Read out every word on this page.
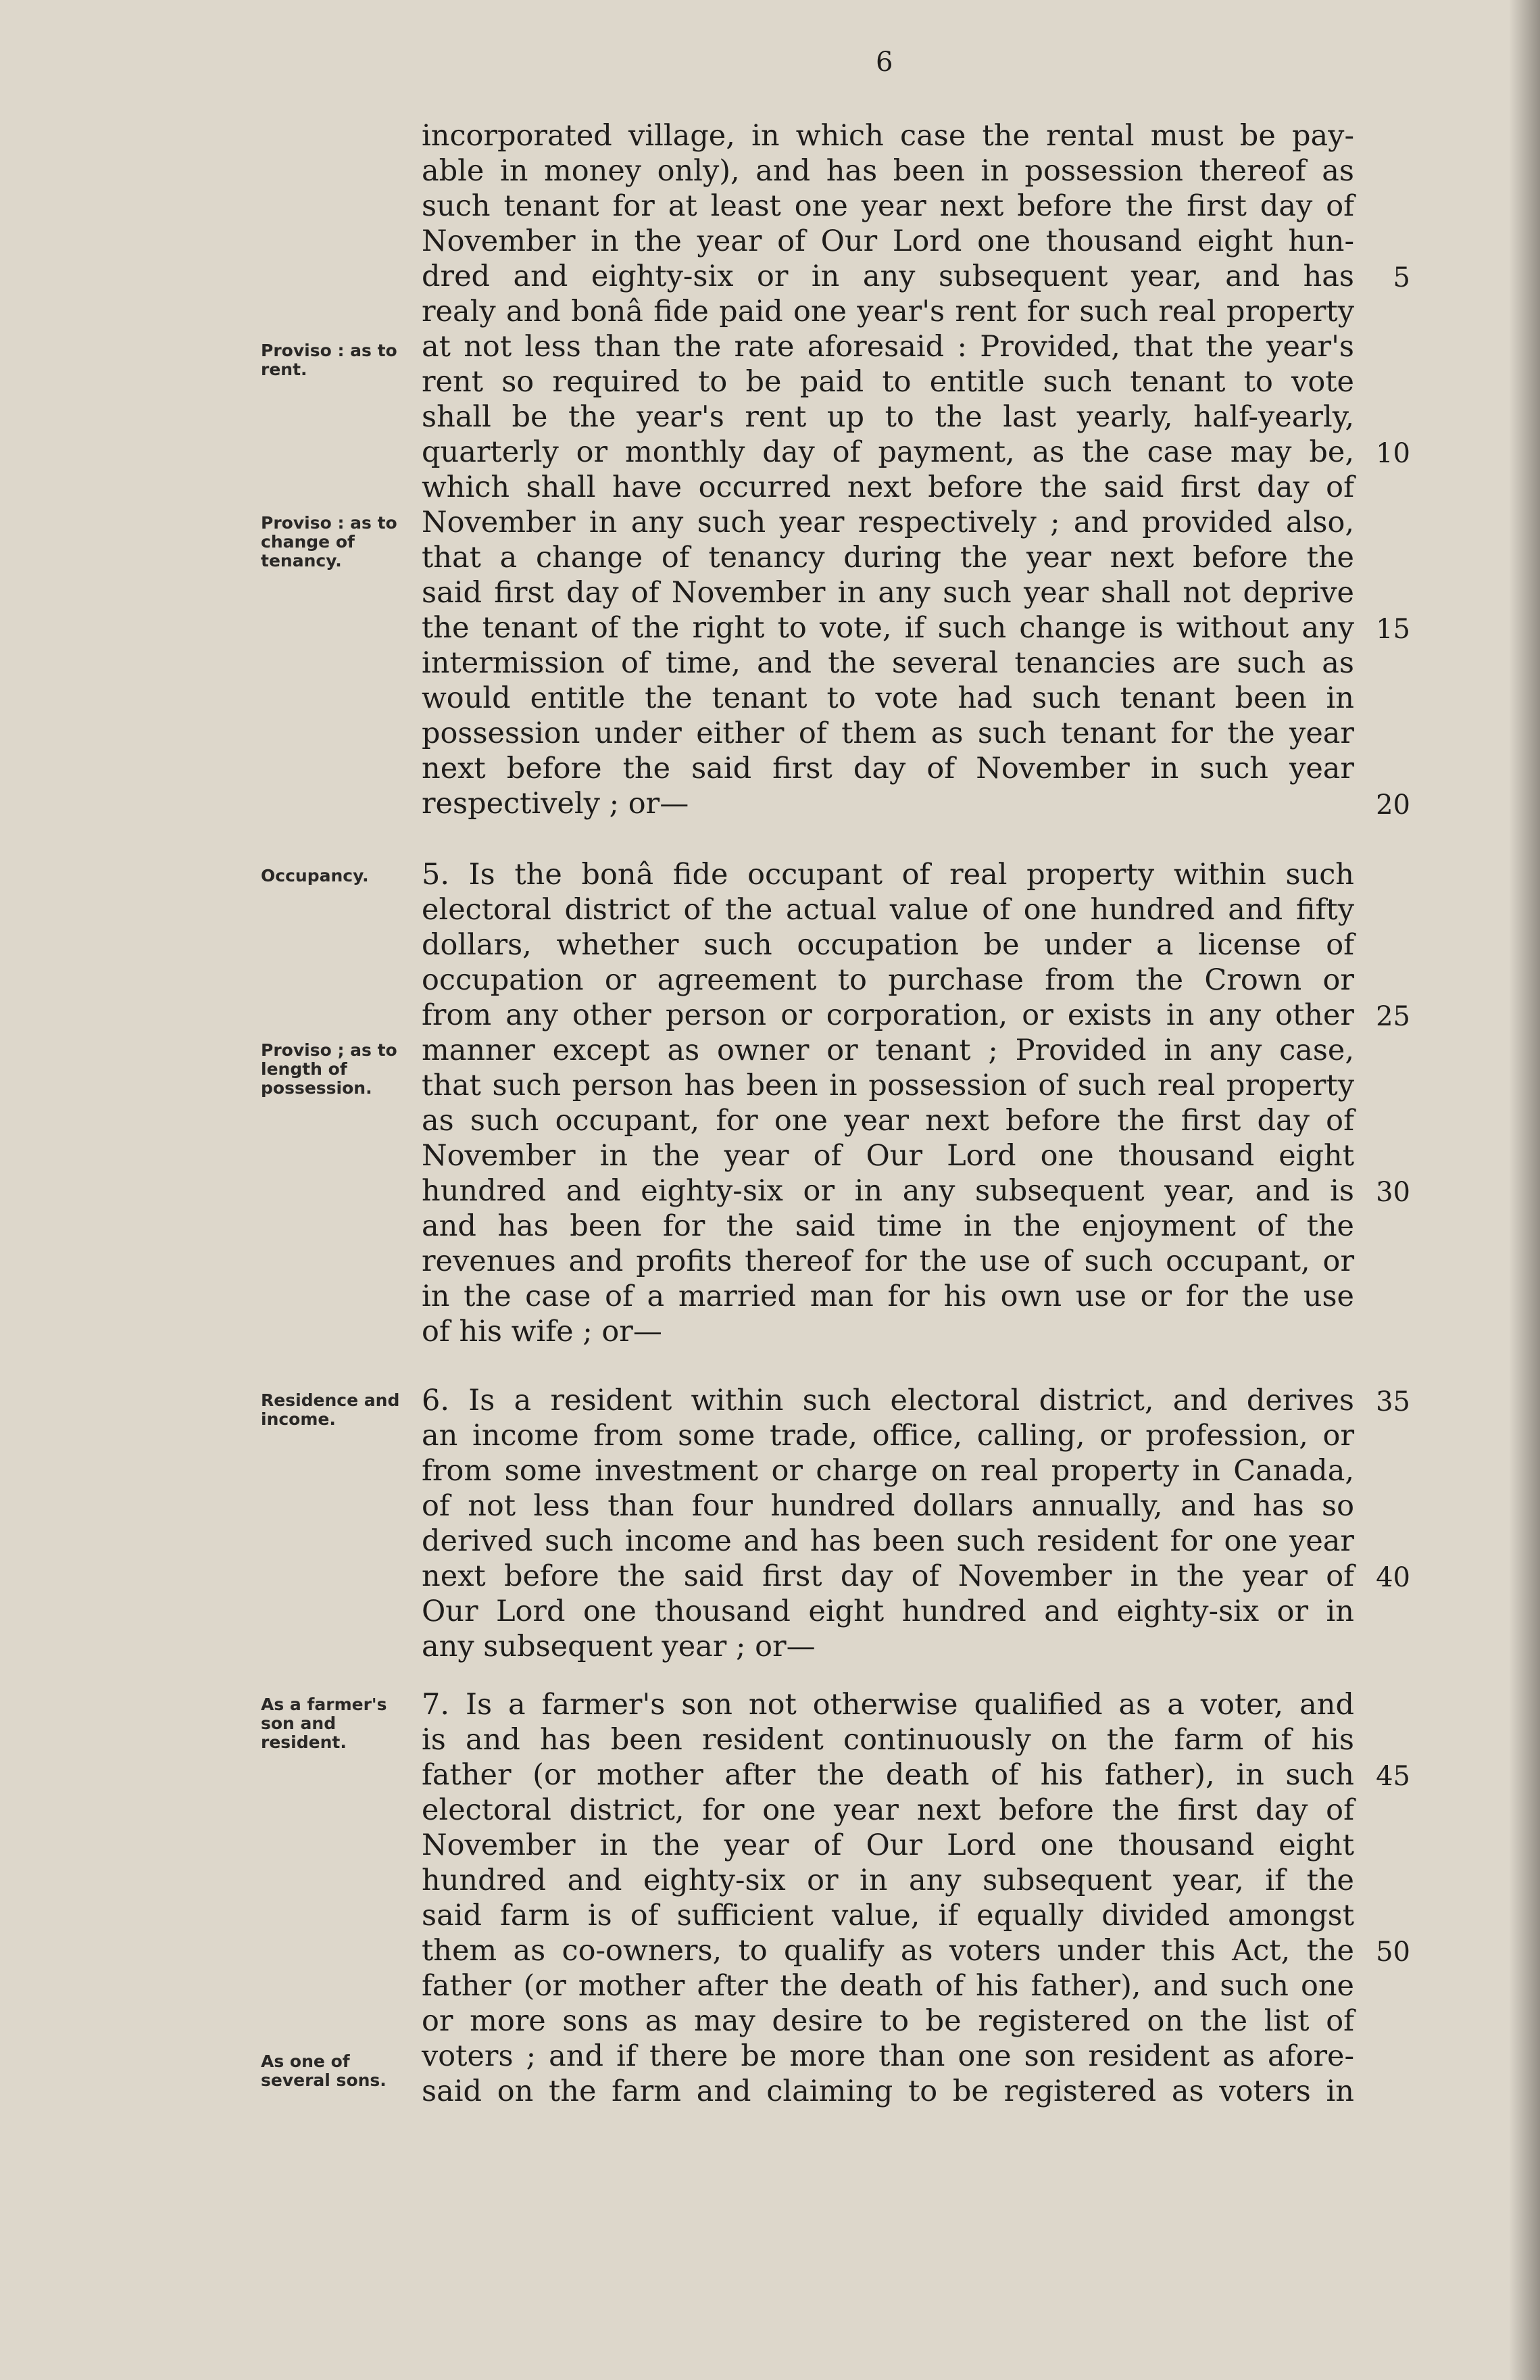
6
incorporated village, in which case the rental must be pay-
able in money only), and has been in possession thereof as
such tenant for at least one year next before the first day of
November in the year of Our Lord one thousand eight hun-
dred and eighty-six or in any subsequent year, and has
realy and bonâ fide paid one year's rent for such real property
at not less than the rate aforesaid : Provided, that the year's
rent so required to be paid to entitle such tenant to vote
shall be the year's rent up to the last yearly, half-yearly,
quarterly or monthly day of payment, as the case may be,
which shall have occurred next before the said first day of
November in any such year respectively ; and provided also,
that a change of tenancy during the year next before the
said first day of November in any such year shall not deprive
the tenant of the right to vote, if such change is without any
intermission of time, and the several tenancies are such as
would entitle the tenant to vote had such tenant been in
possession under either of them as such tenant for the year
next before the said first day of November in such year
respectively ; or—
5. Is the bonâ fide occupant of real property within such
electoral district of the actual value of one hundred and fifty
dollars, whether such occupation be under a license of
occupation or agreement to purchase from the Crown or
from any other person or corporation, or exists in any other
manner except as owner or tenant ; Provided in any case,
that such person has been in possession of such real property
as such occupant, for one year next before the first day of
November in the year of Our Lord one thousand eight
hundred and eighty-six or in any subsequent year, and is
and has been for the said time in the enjoyment of the
revenues and profits thereof for the use of such occupant, or
in the case of a married man for his own use or for the use
of his wife ; or—
6. Is a resident within such electoral district, and derives
an income from some trade, office, calling, or profession, or
from some investment or charge on real property in Canada,
of not less than four hundred dollars annually, and has so
derived such income and has been such resident for one year
next before the said first day of November in the year of
Our Lord one thousand eight hundred and eighty-six or in
any subsequent year ; or—
7. Is a farmer's son not otherwise qualified as a voter, and
is and has been resident continuously on the farm of his
father (or mother after the death of his father), in such
electoral district, for one year next before the first day of
November in the year of Our Lord one thousand eight
hundred and eighty-six or in any subsequent year, if the
said farm is of sufficient value, if equally divided amongst
them as co-owners, to qualify as voters under this Act, the
father (or mother after the death of his father), and such one
or more sons as may desire to be registered on the list of
voters ; and if there be more than one son resident as afore-
said on the farm and claiming to be registered as voters in
5
10
15
20
25
30
35
40
45
50
Proviso : as to rent.
Proviso : as to change of tenancy.
Occupancy.
Proviso ; as to length of possession.
Residence and income.
As a farmer's son and resident.
As one of several sons.
